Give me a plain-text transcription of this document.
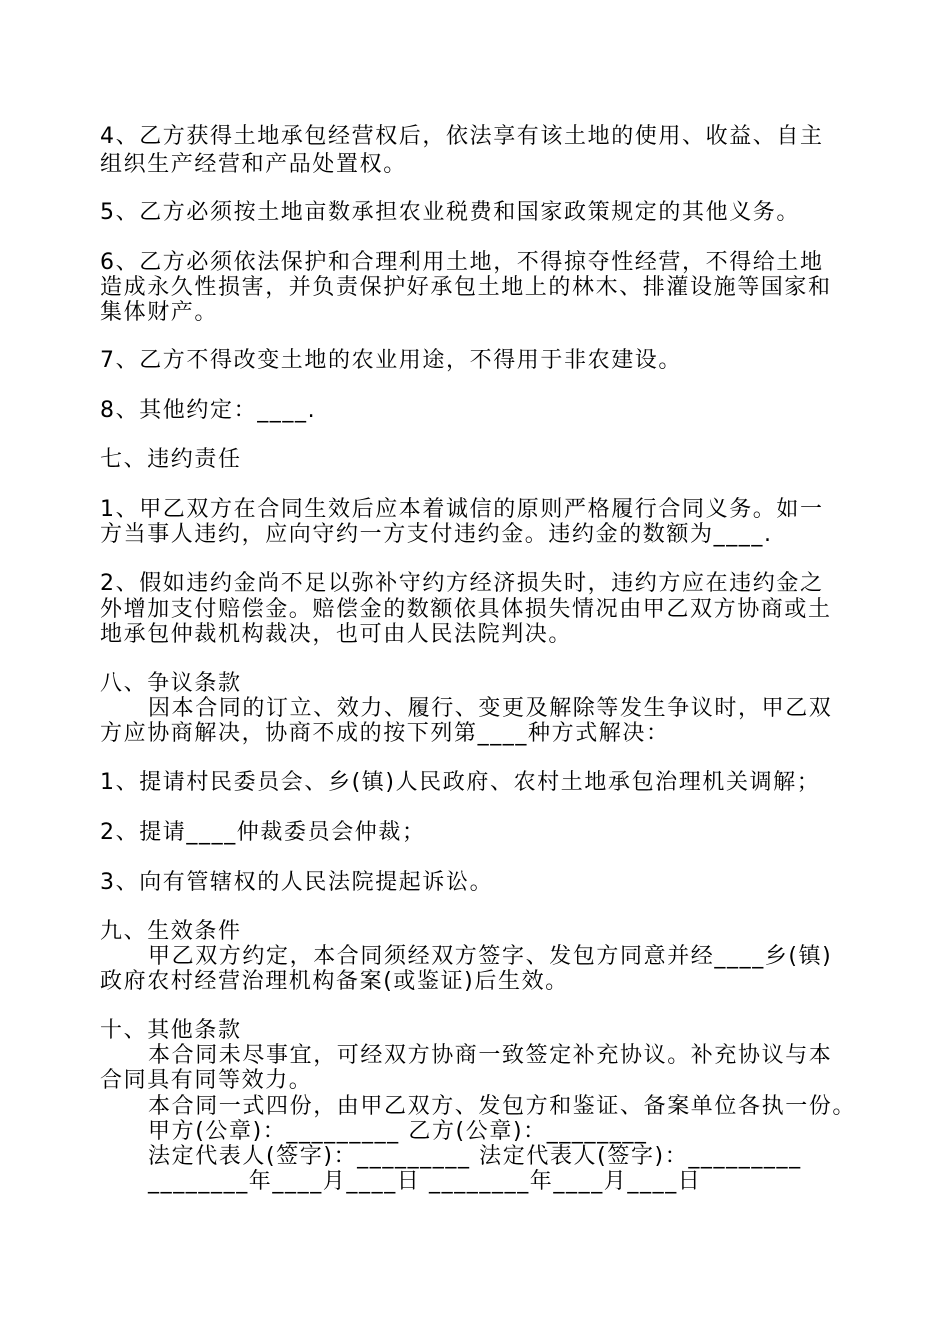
4、乙方获得土地承包经营权后，依法享有该土地的使用、收益、自主
组织生产经营和产品处置权。
5、乙方必须按土地亩数承担农业税费和国家政策规定的其他义务。
6、乙方必须依法保护和合理利用土地，不得掠夺性经营，不得给土地
造成永久性损害，并负责保护好承包土地上的林木、排灌设施等国家和
集体财产。
7、乙方不得改变土地的农业用途，不得用于非农建设。
8、其他约定：____.
七、违约责任
1、甲乙双方在合同生效后应本着诚信的原则严格履行合同义务。如一
方当事人违约，应向守约一方支付违约金。违约金的数额为____.
2、假如违约金尚不足以弥补守约方经济损失时，违约方应在违约金之
外增加支付赔偿金。赔偿金的数额依具体损失情况由甲乙双方协商或土
地承包仲裁机构裁决，也可由人民法院判决。
八、争议条款
因本合同的订立、效力、履行、变更及解除等发生争议时，甲乙双
方应协商解决，协商不成的按下列第____种方式解决：
1、提请村民委员会、乡(镇)人民政府、农村土地承包治理机关调解；
2、提请____仲裁委员会仲裁；
3、向有管辖权的人民法院提起诉讼。
九、生效条件
甲乙双方约定，本合同须经双方签字、发包方同意并经____乡(镇)
政府农村经营治理机构备案(或鉴证)后生效。
十、其他条款
本合同未尽事宜，可经双方协商一致签定补充协议。补充协议与本
合同具有同等效力。
本合同一式四份，由甲乙双方、发包方和鉴证、备案单位各执一份。
甲方(公章)：_________ 乙方(公章)：________
法定代表人(签字)：_________ 法定代表人(签字)：_________
________年____月____日 ________年____月____日
